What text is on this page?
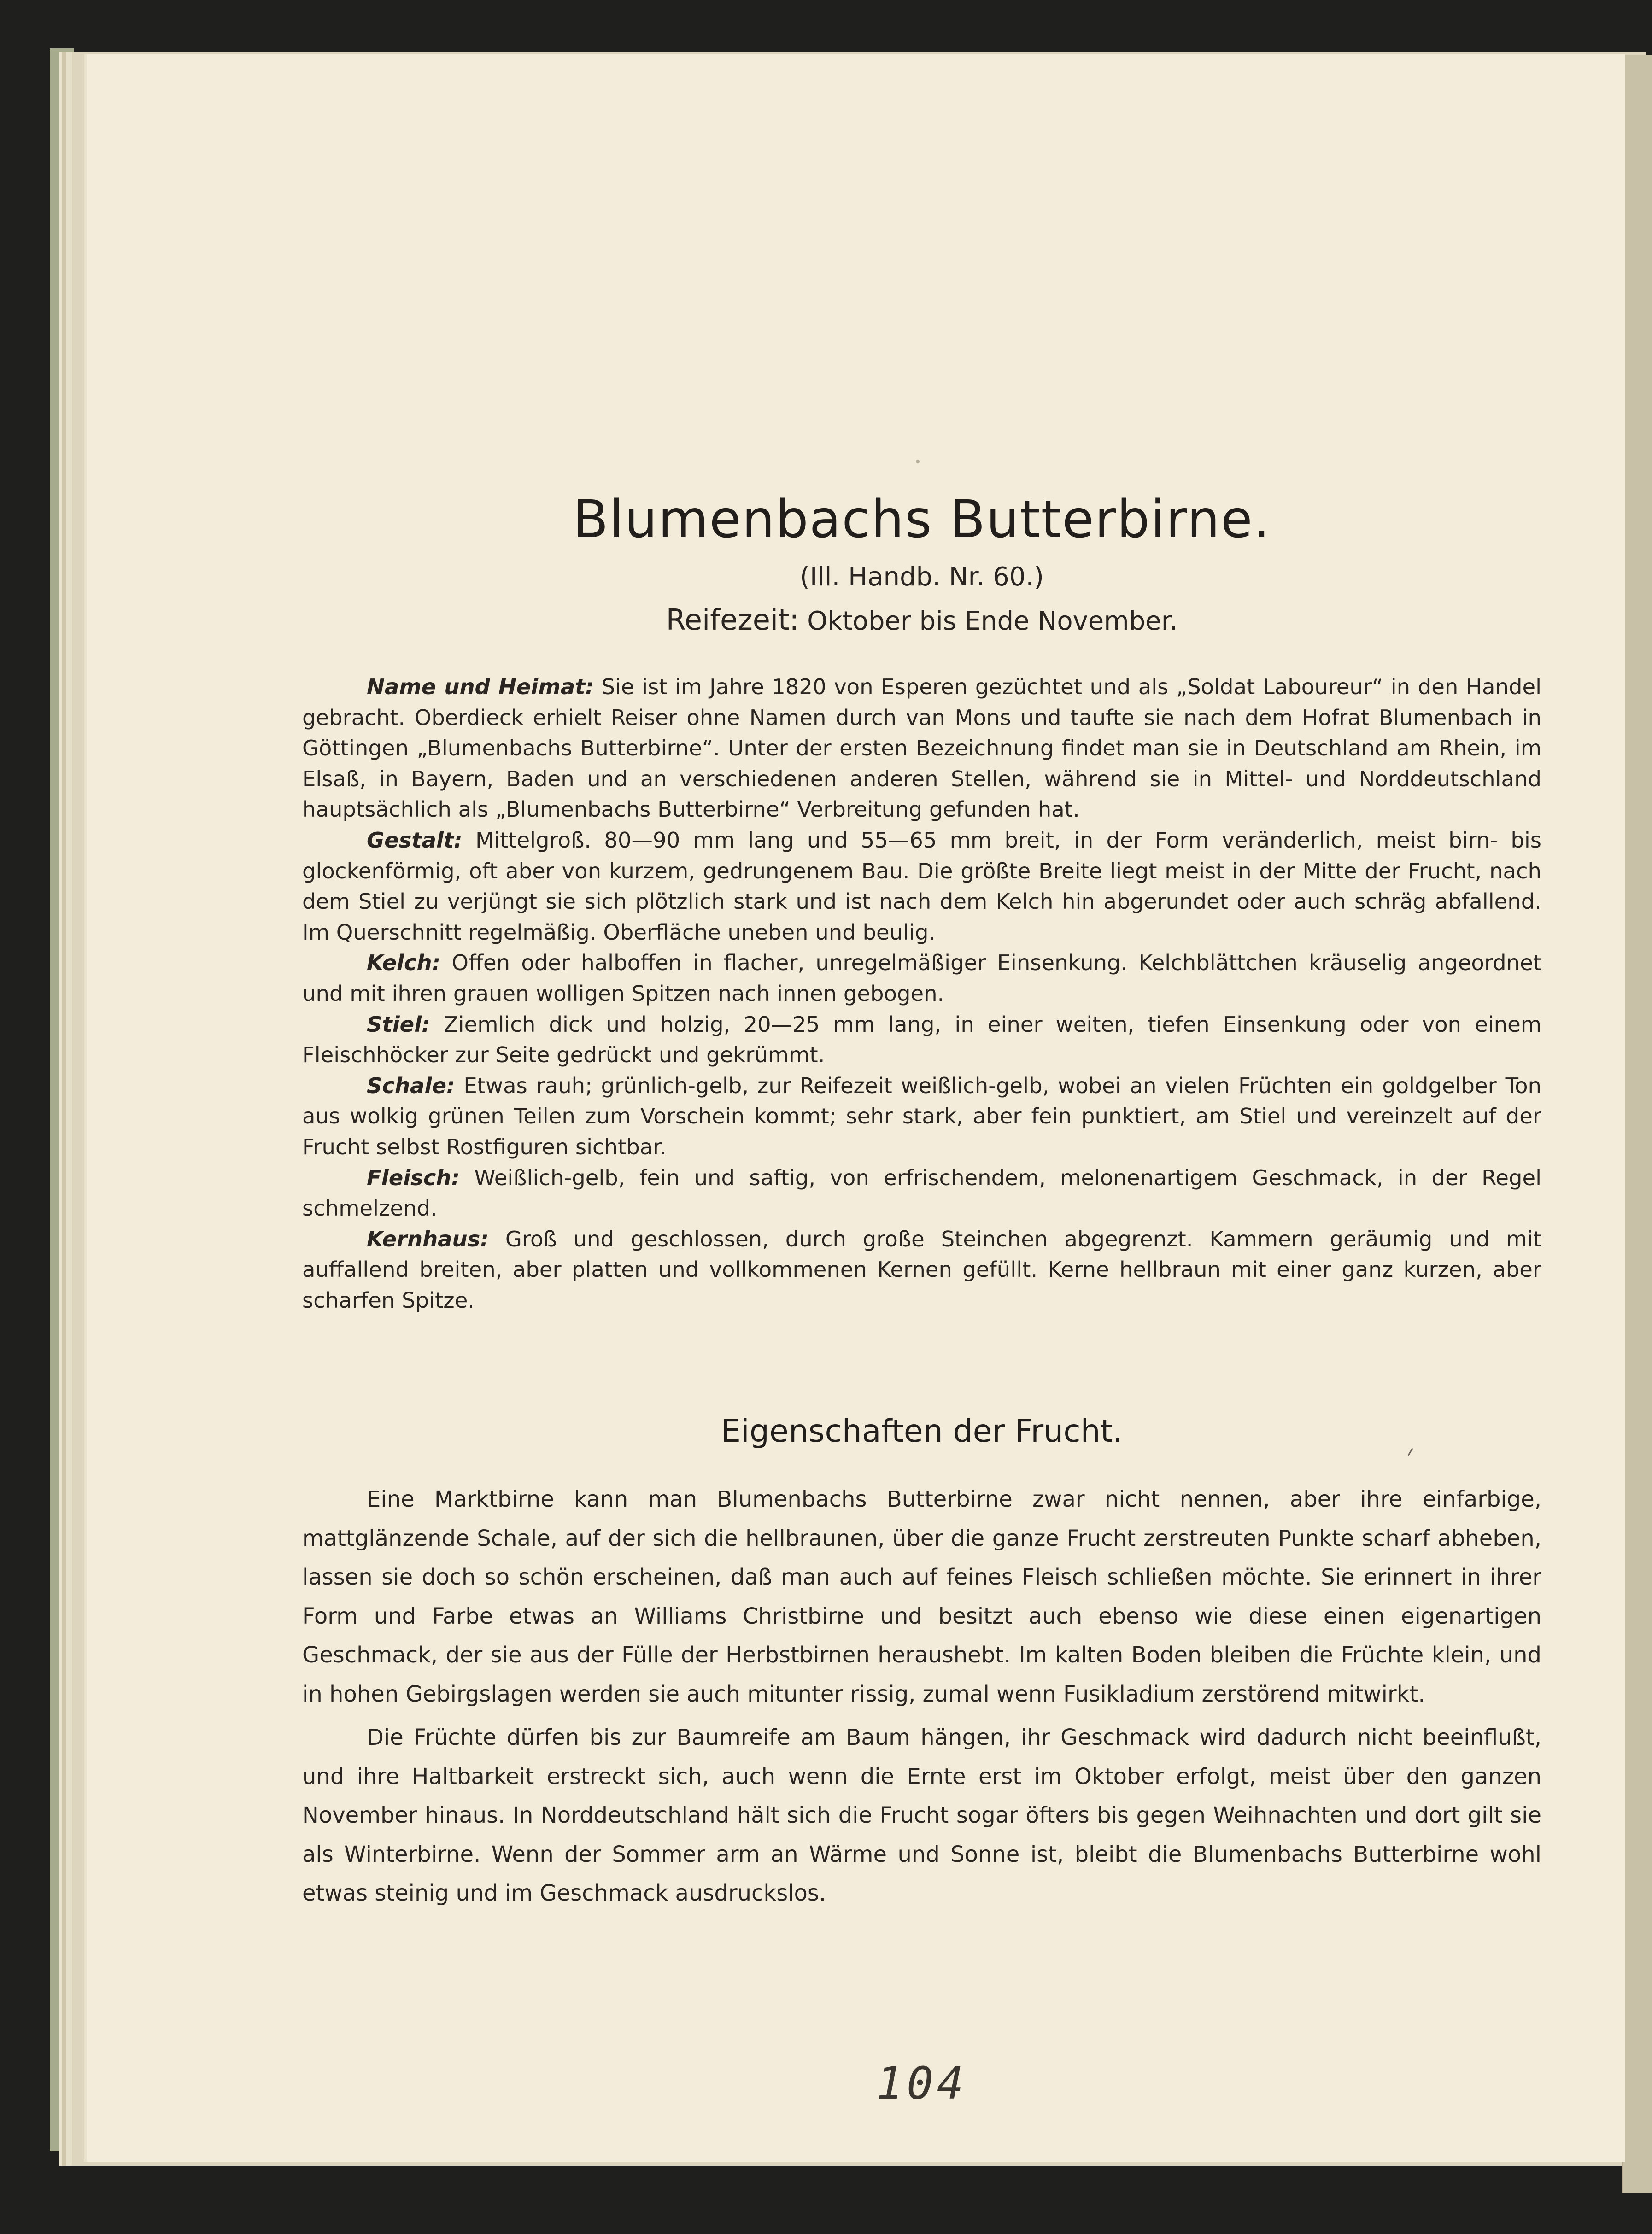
Blumenbachs Butterbirne.
(Ill. Handb. Nr. 60.)
Reifezeit: Oktober bis Ende November.

Name und Heimat: Sie ist im Jahre 1820 von Esperen gezüchtet und als „Soldat Laboureur“ in den Handel gebracht. Oberdieck erhielt Reiser ohne Namen durch van Mons und taufte sie nach dem Hofrat Blumenbach in Göttingen „Blumenbachs Butterbirne“. Unter der ersten Bezeichnung findet man sie in Deutschland am Rhein, im Elsaß, in Bayern, Baden und an verschiedenen anderen Stellen, während sie in Mittel- und Norddeutschland hauptsächlich als „Blumenbachs Butterbirne“ Verbreitung gefunden hat.

Gestalt: Mittelgroß. 80—90 mm lang und 55—65 mm breit, in der Form veränderlich, meist birn- bis glockenförmig, oft aber von kurzem, gedrungenem Bau. Die größte Breite liegt meist in der Mitte der Frucht, nach dem Stiel zu verjüngt sie sich plötzlich stark und ist nach dem Kelch hin abgerundet oder auch schräg abfallend. Im Querschnitt regelmäßig. Oberfläche uneben und beulig.

Kelch: Offen oder halboffen in flacher, unregelmäßiger Einsenkung. Kelchblättchen kräuselig angeordnet und mit ihren grauen wolligen Spitzen nach innen gebogen.

Stiel: Ziemlich dick und holzig, 20—25 mm lang, in einer weiten, tiefen Einsenkung oder von einem Fleischhöcker zur Seite gedrückt und gekrümmt.

Schale: Etwas rauh; grünlich-gelb, zur Reifezeit weißlich-gelb, wobei an vielen Früchten ein goldgelber Ton aus wolkig grünen Teilen zum Vorschein kommt; sehr stark, aber fein punktiert, am Stiel und vereinzelt auf der Frucht selbst Rostfiguren sichtbar.

Fleisch: Weißlich-gelb, fein und saftig, von erfrischendem, melonenartigem Geschmack, in der Regel schmelzend.

Kernhaus: Groß und geschlossen, durch große Steinchen abgegrenzt. Kammern geräumig und mit auffallend breiten, aber platten und vollkommenen Kernen gefüllt. Kerne hellbraun mit einer ganz kurzen, aber scharfen Spitze.

Eigenschaften der Frucht.

Eine Marktbirne kann man Blumenbachs Butterbirne zwar nicht nennen, aber ihre einfarbige, mattglänzende Schale, auf der sich die hellbraunen, über die ganze Frucht zerstreuten Punkte scharf abheben, lassen sie doch so schön erscheinen, daß man auch auf feines Fleisch schließen möchte. Sie erinnert in ihrer Form und Farbe etwas an Williams Christbirne und besitzt auch ebenso wie diese einen eigenartigen Geschmack, der sie aus der Fülle der Herbstbirnen heraushebt. Im kalten Boden bleiben die Früchte klein, und in hohen Gebirgslagen werden sie auch mitunter rissig, zumal wenn Fusikladium zerstörend mitwirkt.

Die Früchte dürfen bis zur Baumreife am Baum hängen, ihr Geschmack wird dadurch nicht beeinflußt, und ihre Haltbarkeit erstreckt sich, auch wenn die Ernte erst im Oktober erfolgt, meist über den ganzen November hinaus. In Norddeutschland hält sich die Frucht sogar öfters bis gegen Weihnachten und dort gilt sie als Winterbirne. Wenn der Sommer arm an Wärme und Sonne ist, bleibt die Blumenbachs Butterbirne wohl etwas steinig und im Geschmack ausdruckslos.

104
